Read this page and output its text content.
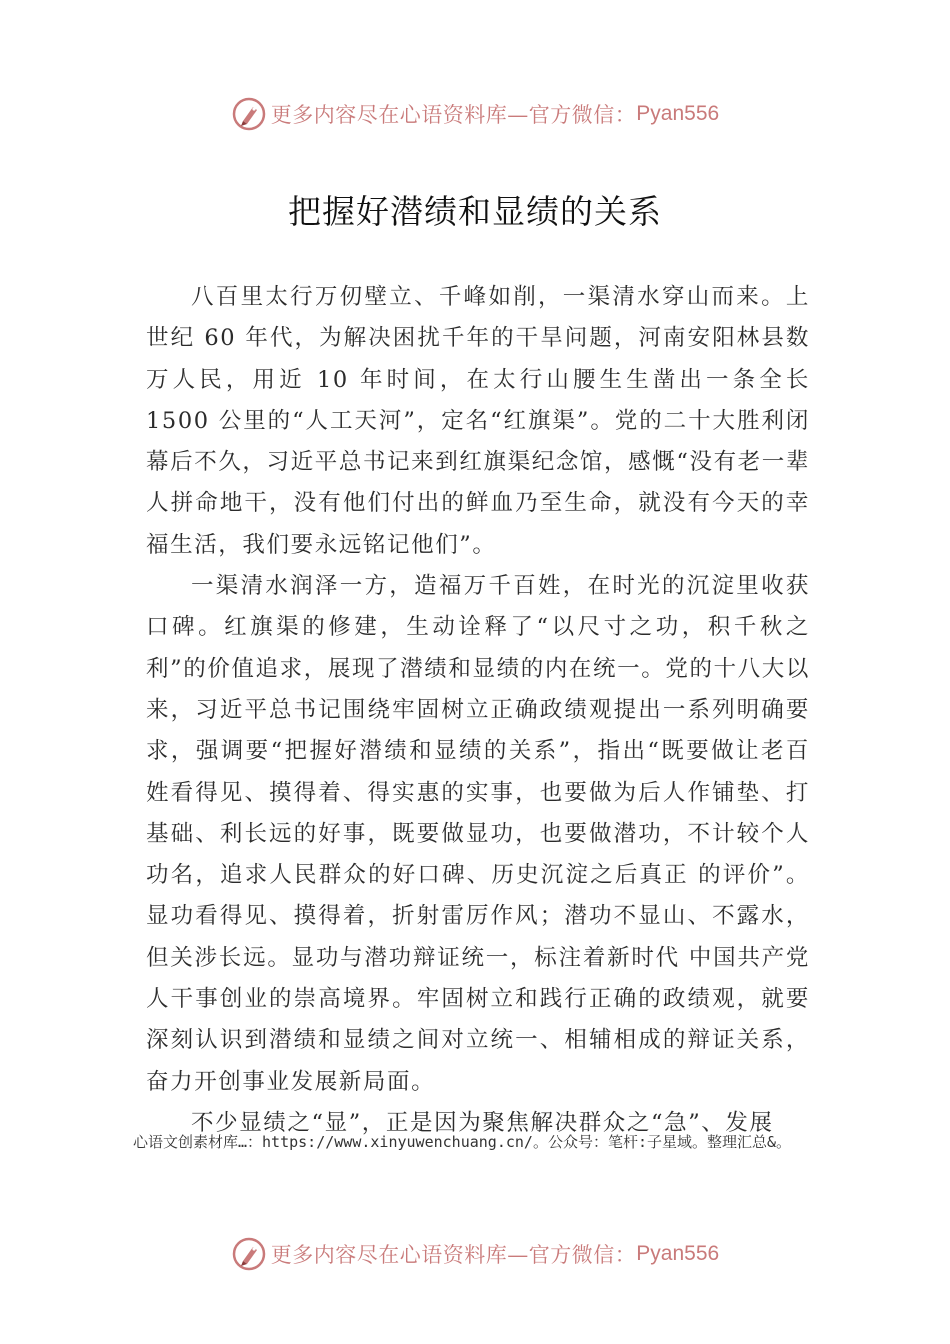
更多内容尽在心语资料库—官方微信： Pyan556
把握好潜绩和显绩的关系

八百里太行万仞壁立、千峰如削，一渠清水穿山而来。上世纪 60 年代，为解决困扰千年的干旱问题，河南安阳林县数万人民，用近 10 年时间，在太行山腰生生凿出一条全长 1500 公里的“人工天河”，定名“红旗渠”。党的二十大胜利闭幕后不久，习近平总书记来到红旗渠纪念馆，感慨“没有老一辈人拼命地干，没有他们付出的鲜血乃至生命，就没有今天的幸福生活，我们要永远铭记他们”。

一渠清水润泽一方，造福万千百姓，在时光的沉淀里收获口碑。红旗渠的修建，生动诠释了“以尺寸之功，积千秋之利”的价值追求，展现了潜绩和显绩的内在统一。党的十八大以来，习近平总书记围绕牢固树立正确政绩观提出一系列明确要求，强调要“把握好潜绩和显绩的关系”，指出“既要做让老百姓看得见、摸得着、得实惠的实事，也要做为后人作铺垫、打基础、利长远的好事，既要做显功，也要做潜功，不计较个人功名，追求人民群众的好口碑、历史沉淀之后真正 的评价”。显功看得见、摸得着，折射雷厉作风；潜功不显山、不露水，但关涉长远。显功与潜功辩证统一，标注着新时代 中国共产党人干事创业的崇高境界。牢固树立和践行正确的政绩观，就要深刻认识到潜绩和显绩之间对立统一、相辅相成的辩证关系，奋力开创事业发展新局面。

不少显绩之“显”，正是因为聚焦解决群众之“急”、发展

心语文创素材库…：https://www.xinyuwenchuang.cn/。公众号：笔杆:子星域。整理汇总&。
更多内容尽在心语资料库—官方微信： Pyan556
